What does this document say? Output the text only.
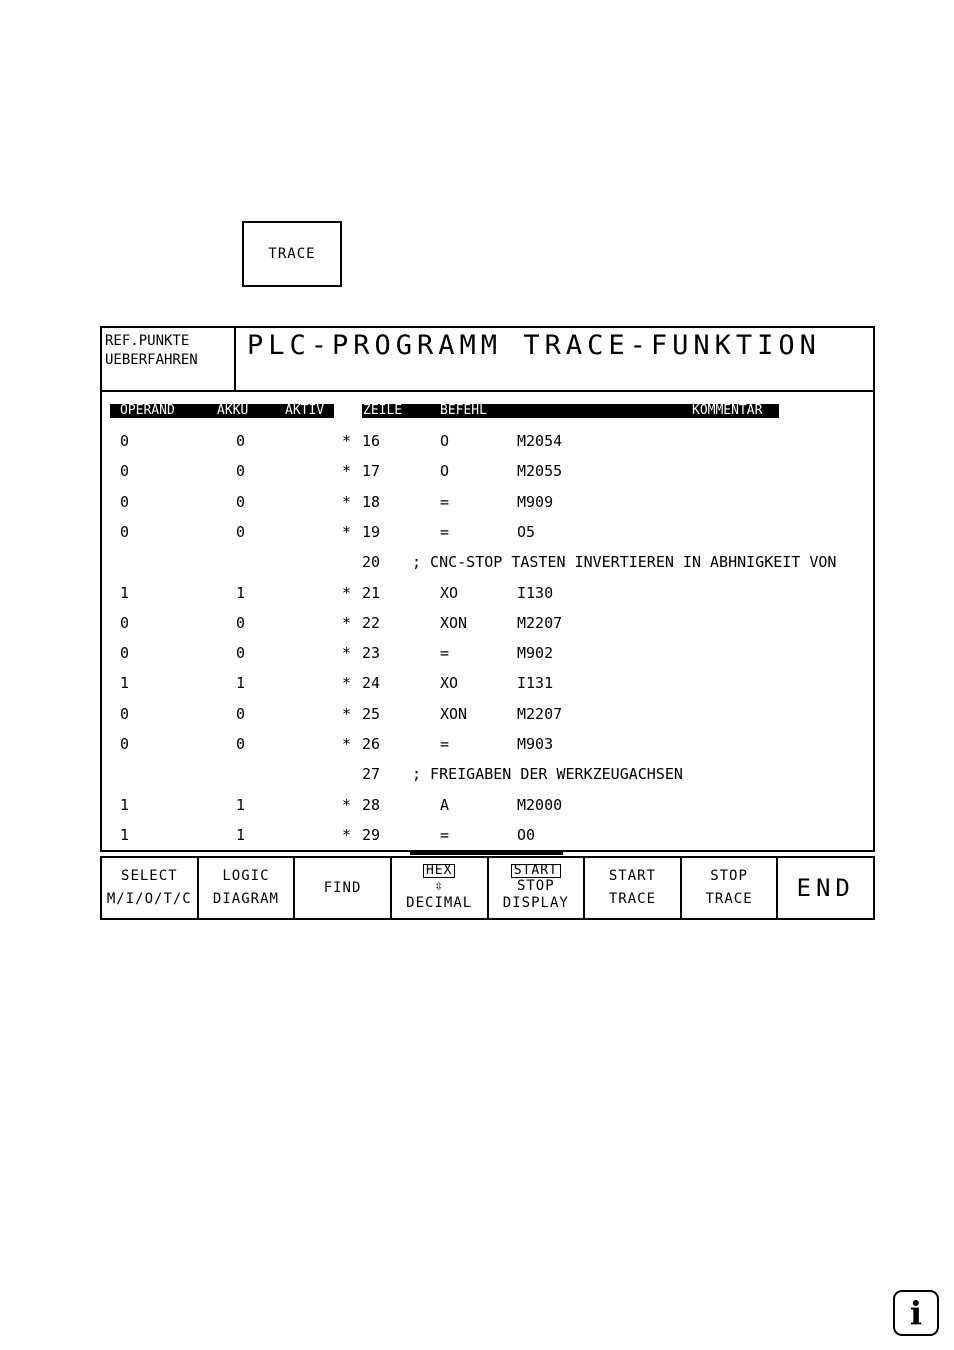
TRACE
REF.PUNKTE
UEBERFAHREN	PLC-PROGRAMM TRACE-FUNKTION
OPERAND	AKKU	AKTIV	ZEILE	BEFEHL	KOMMENTAR
0	0	* 16	O	M2054
0	0	* 17	O	M2055
0	0	* 18	=	M909
0	0	* 19	=	O5
20 ; CNC-STOP TASTEN INVERTIEREN IN ABHNIGKEIT VON
1	1	* 21	XO	I130
0	0	* 22	XON	M2207
0	0	* 23	=	M902
1	1	* 24	XO	I131
0	0	* 25	XON	M2207
0	0	* 26	=	M903
27 ; FREIGABEN DER WERKZEUGACHSEN
1	1	* 28	A	M2000
1	1	* 29	=	O0
SELECT
M/I/O/T/C
LOGIC
DIAGRAM
FIND
HEX
⇳
DECIMAL
START
STOP
DISPLAY
START
TRACE
STOP
TRACE END
i
